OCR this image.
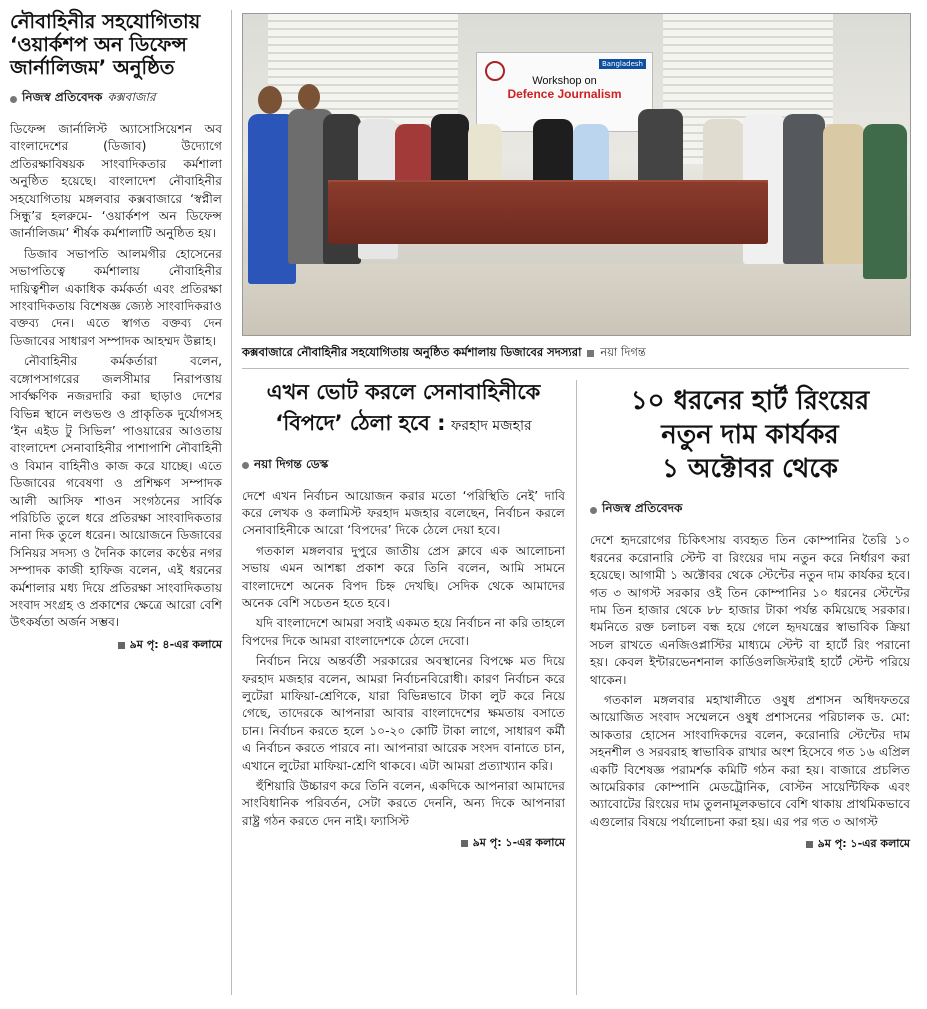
নৌবাহিনীর সহযোগিতায়
‘ওয়ার্কশপ অন ডিফেন্স
জার্নালিজম’ অনুষ্ঠিত
নিজস্ব প্রতিবেদক কক্সবাজার

ডিফেন্স জার্নালিস্ট অ্যাসোসিয়েশন অব বাংলাদেশের (ডিজাব) উদ্যোগে প্রতিরক্ষাবিষয়ক সাংবাদিকতার কর্মশালা অনুষ্ঠিত হয়েছে। বাংলাদেশ নৌবাহিনীর সহযোগিতায় মঙ্গলবার কক্সবাজারে ‘স্বপ্নীল সিন্ধু’র হলরুমে- ‘ওয়ার্কশপ অন ডিফেন্স জার্নালিজম’ শীর্ষক কর্মশালাটি অনুষ্ঠিত হয়।

ডিজাব সভাপতি আলমগীর হোসেনের সভাপতিত্বে কর্মশালায় নৌবাহিনীর দায়িত্বশীল একাধিক কর্মকর্তা এবং প্রতিরক্ষা সাংবাদিকতায় বিশেষজ্ঞ জ্যেষ্ঠ সাংবাদিকরাও বক্তব্য দেন। এতে স্বাগত বক্তব্য দেন ডিজাবের সাধারণ সম্পাদক আহম্মদ উল্লাহ।

নৌবাহিনীর কর্মকর্তারা বলেন, বঙ্গোপসাগরের জলসীমার নিরাপত্তায় সার্বক্ষণিক নজরদারি করা ছাড়াও দেশের বিভিন্ন স্থানে লণ্ডভণ্ড ও প্রাকৃতিক দুর্যোগসহ ‘ইন এইড টু সিভিল’ পাওয়ারের আওতায় বাংলাদেশ সেনাবাহিনীর পাশাপাশি নৌবাহিনী ও বিমান বাহিনীও কাজ করে যাচ্ছে। এতে ডিজাবের গবেষণা ও প্রশিক্ষণ সম্পাদক আলী আসিফ শাওন সংগঠনের সার্বিক পরিচিতি তুলে ধরে প্রতিরক্ষা সাংবাদিকতার নানা দিক তুলে ধরেন। আয়োজনে ডিজাবের সিনিয়র সদস্য ও দৈনিক কালের কণ্ঠের নগর সম্পাদক কাজী হাফিজ বলেন, এই ধরনের কর্মশালার মধ্য দিয়ে প্রতিরক্ষা সাংবাদিকতায় সংবাদ সংগ্রহ ও প্রকাশের ক্ষেত্রে আরো বেশি উৎকর্ষতা অর্জন সম্ভব।

৯ম পৃ: ৪-এর কলামে
Bangladesh
Workshop on
Defence Journalism
কক্সবাজারে নৌবাহিনীর সহযোগিতায় অনুষ্ঠিত কর্মশালায় ডিজাবের সদস্যরা নয়া দিগন্ত
এখন ভোট করলে সেনাবাহিনীকে
‘বিপদে’ ঠেলা হবে : ফরহাদ মজহার
নয়া দিগন্ত ডেস্ক

দেশে এখন নির্বাচন আয়োজন করার মতো ‘পরিস্থিতি নেই’ দাবি করে লেখক ও কলামিস্ট ফরহাদ মজহার বলেছেন, নির্বাচন করলে সেনাবাহিনীকে আরো ‘বিপদের’ দিকে ঠেলে দেয়া হবে।

গতকাল মঙ্গলবার দুপুরে জাতীয় প্রেস ক্লাবে এক আলোচনা সভায় এমন আশঙ্কা প্রকাশ করে তিনি বলেন, আমি সামনে বাংলাদেশে অনেক বিপদ চিহ্ন দেখছি। সেদিক থেকে আমাদের অনেক বেশি সচেতন হতে হবে।

যদি বাংলাদেশে আমরা সবাই একমত হয়ে নির্বাচন না করি তাহলে বিপদের দিকে আমরা বাংলাদেশকে ঠেলে দেবো।

নির্বাচন নিয়ে অন্তর্বর্তী সরকারের অবস্থানের বিপক্ষে মত দিয়ে ফরহাদ মজহার বলেন, আমরা নির্বাচনবিরোধী। কারণ নির্বাচন করে লুটেরা মাফিয়া-শ্রেণিকে, যারা বিভিন্নভাবে টাকা লুট করে নিয়ে গেছে, তাদেরকে আপনারা আবার বাংলাদেশের ক্ষমতায় বসাতে চান। নির্বাচন করতে হলে ১০-২০ কোটি টাকা লাগে, সাধারণ কর্মী এ নির্বাচন করতে পারবে না। আপনারা আরেক সংসদ বানাতে চান, এখানে লুটেরা মাফিয়া-শ্রেণি থাকবে। এটা আমরা প্রত্যাখ্যান করি।

হুঁশিয়ারি উচ্চারণ করে তিনি বলেন, একদিকে আপনারা আমাদের সাংবিধানিক পরিবর্তন, সেটা করতে দেননি, অন্য দিকে আপনারা রাষ্ট্র গঠন করতে দেন নাই। ফ্যাসিস্ট

৯ম পৃ: ১-এর কলামে
১০ ধরনের হার্ট রিংয়ের
নতুন দাম কার্যকর
১ অক্টোবর থেকে
নিজস্ব প্রতিবেদক

দেশে হৃদরোগের চিকিৎসায় ব্যবহৃত তিন কোম্পানির তৈরি ১০ ধরনের করোনারি স্টেন্ট বা রিংয়ের দাম নতুন করে নির্ধারণ করা হয়েছে। আগামী ১ অক্টোবর থেকে স্টেন্টের নতুন দাম কার্যকর হবে। গত ৩ আগস্ট সরকার ওই তিন কোম্পানির ১০ ধরনের স্টেন্টের দাম তিন হাজার থেকে ৮৮ হাজার টাকা পর্যন্ত কমিয়েছে সরকার। ধমনিতে রক্ত চলাচল বন্ধ হয়ে গেলে হৃদযন্ত্রের স্বাভাবিক ক্রিয়া সচল রাখতে এনজিওপ্লাস্টির মাধ্যমে স্টেন্ট বা হার্টে রিং পরানো হয়। কেবল ইন্টারভেনশনাল কার্ডিওলজিস্টরাই হার্টে স্টেন্ট পরিয়ে থাকেন।

গতকাল মঙ্গলবার মহাখালীতে ওষুধ প্রশাসন অধিদফতরে আয়োজিত সংবাদ সম্মেলনে ওষুধ প্রশাসনের পরিচালক ড. মো: আকতার হোসেন সাংবাদিকদের বলেন, করোনারি স্টেন্টের দাম সহনশীল ও সরবরাহ স্বাভাবিক রাখার অংশ হিসেবে গত ১৬ এপ্রিল একটি বিশেষজ্ঞ পরামর্শক কমিটি গঠন করা হয়। বাজারে প্রচলিত আমেরিকার কোম্পানি মেডট্রোনিক, বোস্টন সায়েন্টিফিক এবং অ্যাবোটের রিংয়ের দাম তুলনামূলকভাবে বেশি থাকায় প্রাথমিকভাবে এগুলোর বিষয়ে পর্যালোচনা করা হয়। এর পর গত ৩ আগস্ট

৯ম পৃ: ১-এর কলামে
